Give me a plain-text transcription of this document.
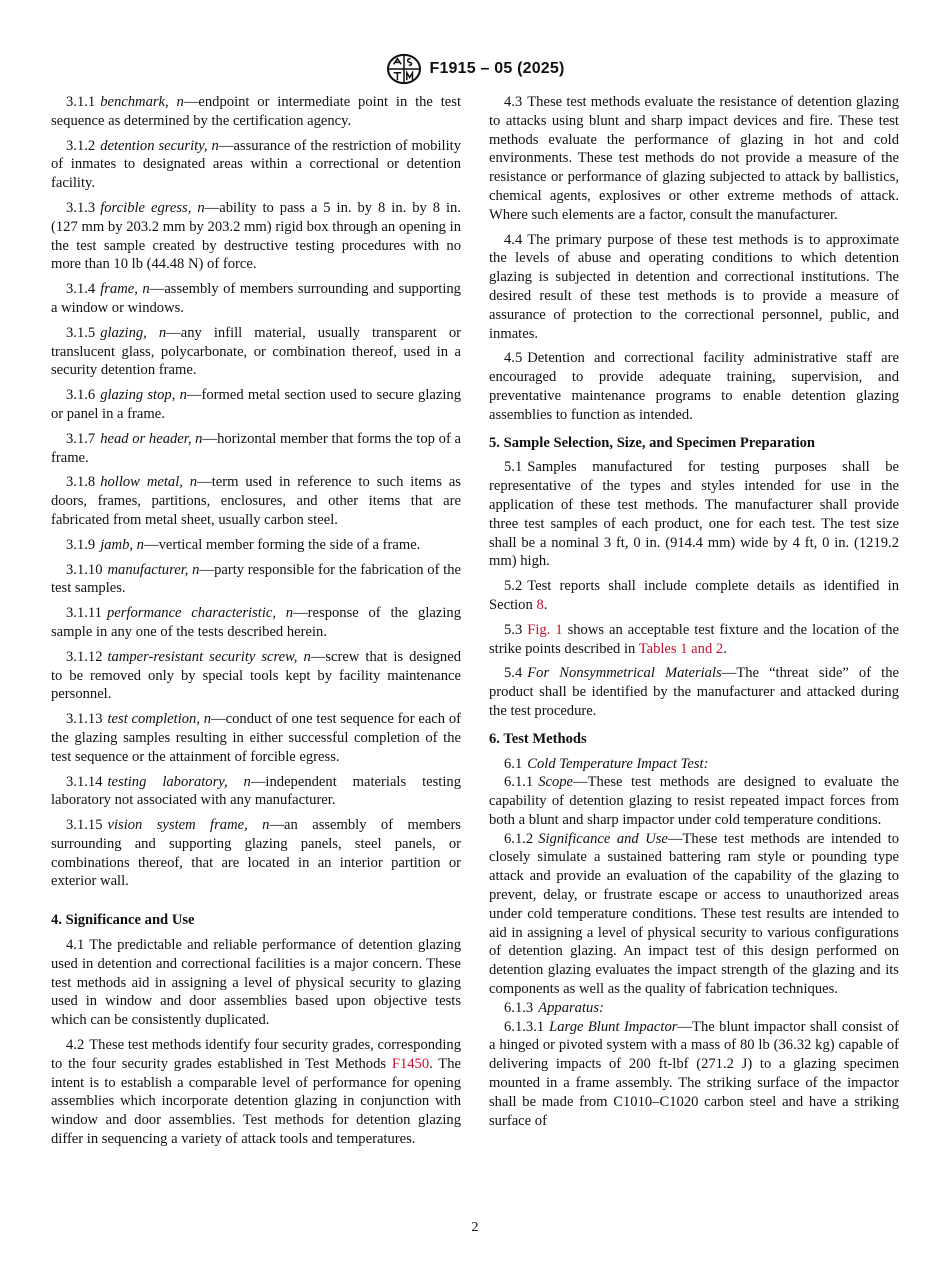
F1915 – 05 (2025)

3.1.1 benchmark, n—endpoint or intermediate point in the test sequence as determined by the certification agency.

3.1.2 detention security, n—assurance of the restriction of mobility of inmates to designated areas within a correctional or detention facility.

3.1.3 forcible egress, n—ability to pass a 5 in. by 8 in. by 8 in. (127 mm by 203.2 mm by 203.2 mm) rigid box through an opening in the test sample created by destructive testing procedures with no more than 10 lb (44.48 N) of force.

3.1.4 frame, n—assembly of members surrounding and supporting a window or windows.

3.1.5 glazing, n—any infill material, usually transparent or translucent glass, polycarbonate, or combination thereof, used in a security detention frame.

3.1.6 glazing stop, n—formed metal section used to secure glazing or panel in a frame.

3.1.7 head or header, n—horizontal member that forms the top of a frame.

3.1.8 hollow metal, n—term used in reference to such items as doors, frames, partitions, enclosures, and other items that are fabricated from metal sheet, usually carbon steel.

3.1.9 jamb, n—vertical member forming the side of a frame.

3.1.10 manufacturer, n—party responsible for the fabrication of the test samples.

3.1.11 performance characteristic, n—response of the glazing sample in any one of the tests described herein.

3.1.12 tamper-resistant security screw, n—screw that is designed to be removed only by special tools kept by facility maintenance personnel.

3.1.13 test completion, n—conduct of one test sequence for each of the glazing samples resulting in either successful completion of the test sequence or the attainment of forcible egress.

3.1.14 testing laboratory, n—independent materials testing laboratory not associated with any manufacturer.

3.1.15 vision system frame, n—an assembly of members surrounding and supporting glazing panels, steel panels, or combinations thereof, that are located in an interior partition or exterior wall.

4. Significance and Use

4.1 The predictable and reliable performance of detention glazing used in detention and correctional facilities is a major concern. These test methods aid in assigning a level of physical security to glazing used in window and door assemblies based upon objective tests which can be consistently duplicated.

4.2 These test methods identify four security grades, corresponding to the four security grades established in Test Methods F1450. The intent is to establish a comparable level of performance for opening assemblies which incorporate detention glazing in conjunction with window and door assemblies. Test methods for detention glazing differ in sequencing a variety of attack tools and temperatures.

4.3 These test methods evaluate the resistance of detention glazing to attacks using blunt and sharp impact devices and fire. These test methods evaluate the performance of glazing in hot and cold environments. These test methods do not provide a measure of the resistance or performance of glazing subjected to attack by ballistics, chemical agents, explosives or other extreme methods of attack. Where such elements are a factor, consult the manufacturer.

4.4 The primary purpose of these test methods is to approximate the levels of abuse and operating conditions to which detention glazing is subjected in detention and correctional institutions. The desired result of these test methods is to provide a measure of assurance of protection to the correctional personnel, public, and inmates.

4.5 Detention and correctional facility administrative staff are encouraged to provide adequate training, supervision, and preventative maintenance programs to enable detention glazing assemblies to function as intended.

5. Sample Selection, Size, and Specimen Preparation

5.1 Samples manufactured for testing purposes shall be representative of the types and styles intended for use in the application of these test methods. The manufacturer shall provide three test samples of each product, one for each test. The test size shall be a nominal 3 ft, 0 in. (914.4 mm) wide by 4 ft, 0 in. (1219.2 mm) high.

5.2 Test reports shall include complete details as identified in Section 8.

5.3 Fig. 1 shows an acceptable test fixture and the location of the strike points described in Tables 1 and 2.

5.4 For Nonsymmetrical Materials—The “threat side” of the product shall be identified by the manufacturer and attacked during the test procedure.

6. Test Methods

6.1 Cold Temperature Impact Test:

6.1.1 Scope—These test methods are designed to evaluate the capability of detention glazing to resist repeated impact forces from both a blunt and sharp impactor under cold temperature conditions.

6.1.2 Significance and Use—These test methods are intended to closely simulate a sustained battering ram style or pounding type attack and provide an evaluation of the capability of the glazing to prevent, delay, or frustrate escape or access to unauthorized areas under cold temperature conditions. These test results are intended to aid in assigning a level of physical security to various configurations of detention glazing. An impact test of this design performed on detention glazing evaluates the impact strength of the glazing and its components as well as the quality of fabrication techniques.

6.1.3 Apparatus:

6.1.3.1 Large Blunt Impactor—The blunt impactor shall consist of a hinged or pivoted system with a mass of 80 lb (36.32 kg) capable of delivering impacts of 200 ft-lbf (271.2 J) to a glazing specimen mounted in a frame assembly. The striking surface of the impactor shall be made from C1010–C1020 carbon steel and have a striking surface of

2
